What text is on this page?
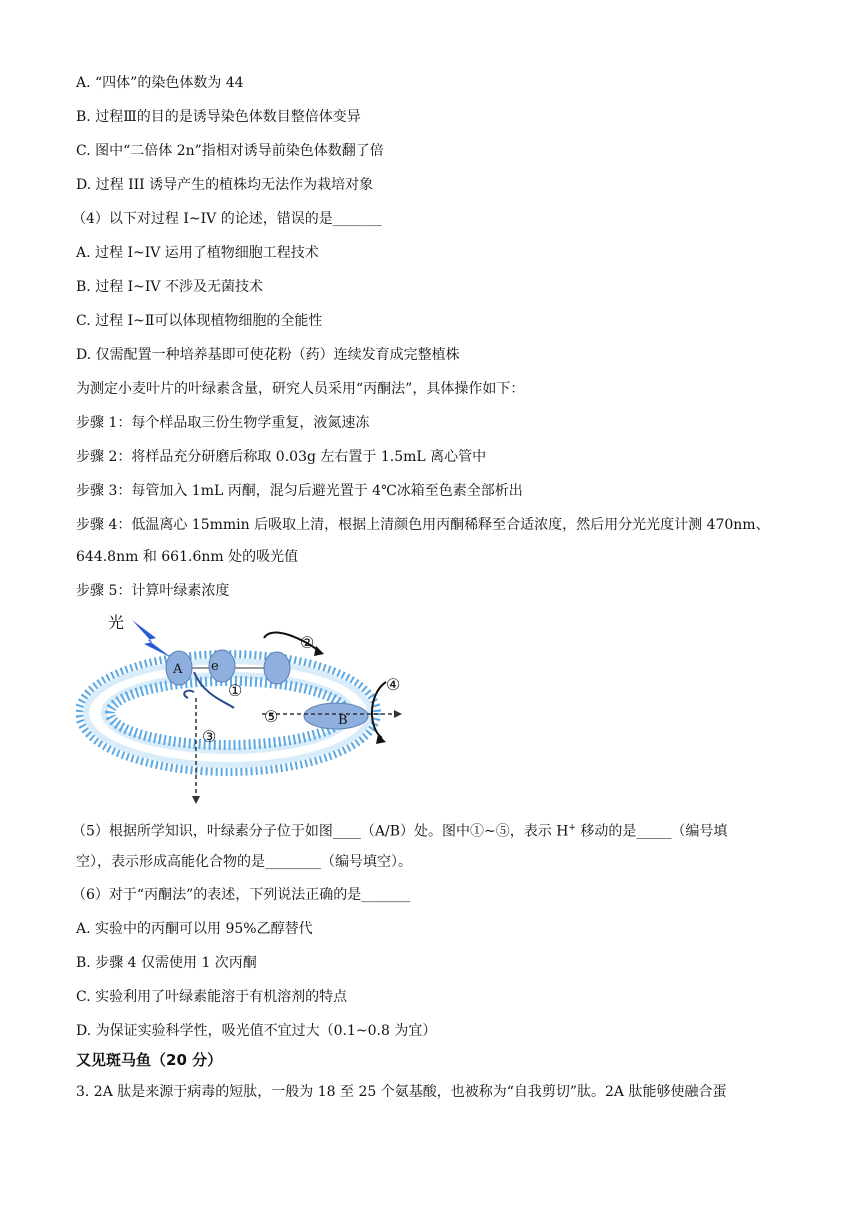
A. “四体”的染色体数为 44
B. 过程Ⅲ的目的是诱导染色体数目整倍体变异
C. 图中“二倍体 2n”指相对诱导前染色体数翻了倍
D. 过程 III 诱导产生的植株均无法作为栽培对象
（4）以下对过程 I~IV 的论述，错误的是_______
A. 过程 I~IV 运用了植物细胞工程技术
B. 过程 I~IV 不涉及无菌技术
C. 过程 I~Ⅱ可以体现植物细胞的全能性
D. 仅需配置一种培养基即可使花粉（药）连续发育成完整植株
为测定小麦叶片的叶绿素含量，研究人员采用“丙酮法”，具体操作如下：
步骤 1：每个样品取三份生物学重复，液氮速冻
步骤 2：将样品充分研磨后称取 0.03g 左右置于 1.5mL 离心管中
步骤 3：每管加入 1mL 丙酮，混匀后避光置于 4℃冰箱至色素全部析出
步骤 4：低温离心 15mmin 后吸取上清，根据上清颜色用丙酮稀释至合适浓度，然后用分光光度计测 470nm、
644.8nm 和 661.6nm 处的吸光值
步骤 5：计算叶绿素浓度
光
A e
①
③
②
B
⑤
④
（5）根据所学知识，叶绿素分子位于如图____（A/B）处。图中①~⑤，表示 H+ 移动的是_____（编号填
空），表示形成高能化合物的是________（编号填空）。
（6）对于“丙酮法”的表述，下列说法正确的是_______
A. 实验中的丙酮可以用 95%乙醇替代
B. 步骤 4 仅需使用 1 次丙酮
C. 实验利用了叶绿素能溶于有机溶剂的特点
D. 为保证实验科学性，吸光值不宜过大（0.1~0.8 为宜）
又见斑马鱼（20 分）
3. 2A 肽是来源于病毒的短肽，一般为 18 至 25 个氨基酸，也被称为“自我剪切”肽。2A 肽能够使融合蛋
